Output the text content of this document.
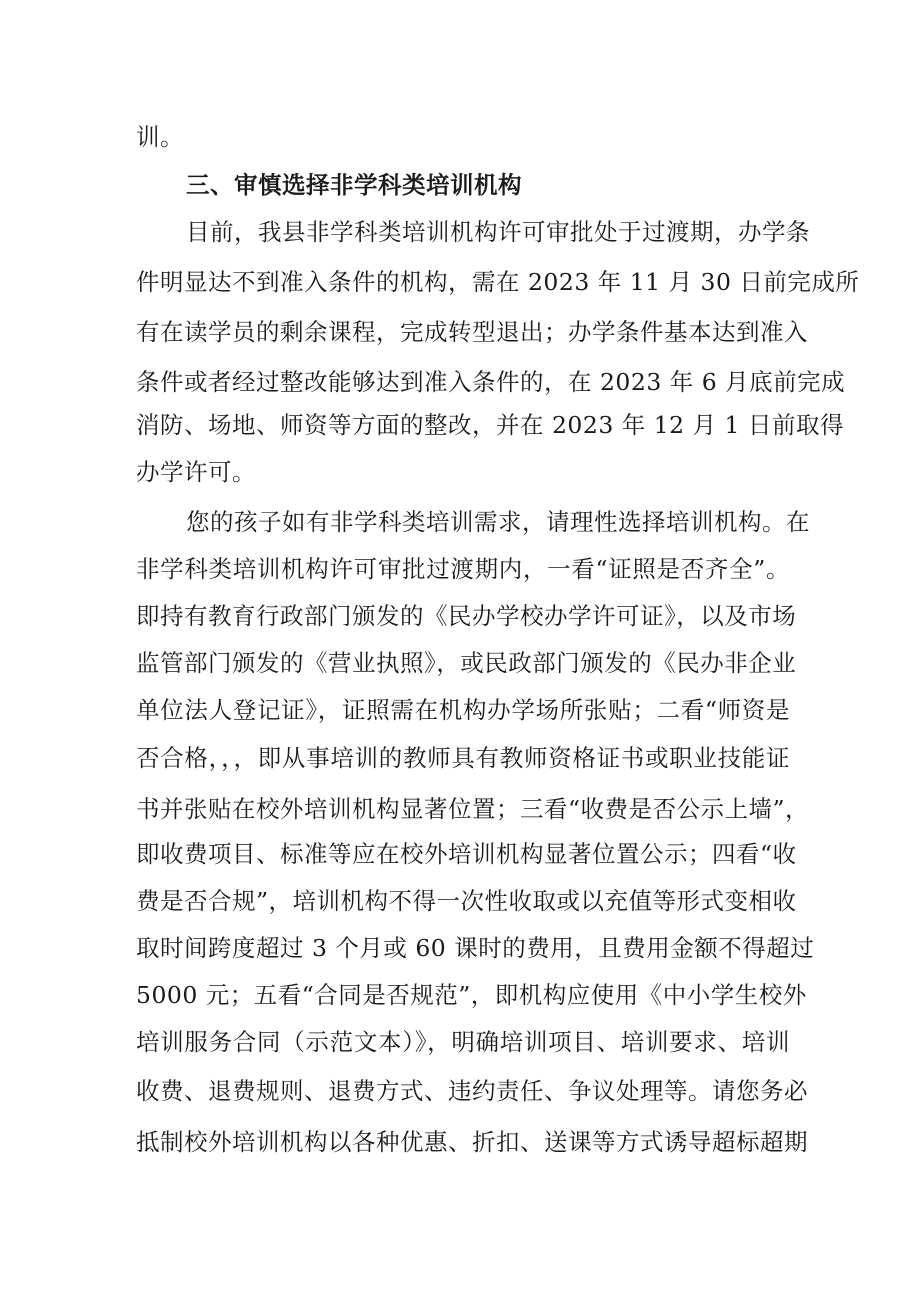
训。
三、审慎选择非学科类培训机构
目前，我县非学科类培训机构许可审批处于过渡期，办学条
件明显达不到准入条件的机构，需在 2023 年 11 月 30 日前完成所
有在读学员的剩余课程，完成转型退出；办学条件基本达到准入
条件或者经过整改能够达到准入条件的，在 2023 年 6 月底前完成
消防、场地、师资等方面的整改，并在 2023 年 12 月 1 日前取得
办学许可。
您的孩子如有非学科类培训需求，请理性选择培训机构。在
非学科类培训机构许可审批过渡期内，一看“证照是否齐全”。
即持有教育行政部门颁发的《民办学校办学许可证》，以及市场
监管部门颁发的《营业执照》，或民政部门颁发的《民办非企业
单位法人登记证》，证照需在机构办学场所张贴；二看“师资是
否合格，，，即从事培训的教师具有教师资格证书或职业技能证
书并张贴在校外培训机构显著位置；三看“收费是否公示上墙”，
即收费项目、标准等应在校外培训机构显著位置公示；四看“收
费是否合规”，培训机构不得一次性收取或以充值等形式变相收
取时间跨度超过 3 个月或 60 课时的费用，且费用金额不得超过
5000 元；五看“合同是否规范”，即机构应使用《中小学生校外
培训服务合同（示范文本）》，明确培训项目、培训要求、培训
收费、退费规则、退费方式、违约责任、争议处理等。请您务必
抵制校外培训机构以各种优惠、折扣、送课等方式诱导超标超期
